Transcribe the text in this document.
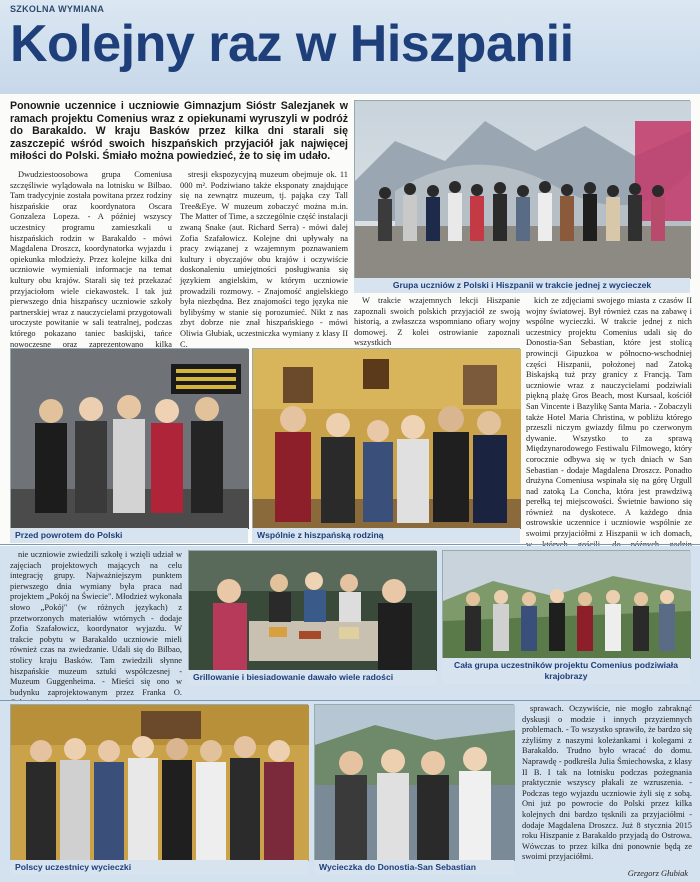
SZKOLNA WYMIANA
Kolejny raz w Hiszpanii
Ponownie uczennice i uczniowie Gimnazjum Sióstr Salezjanek w ramach projektu Comenius wraz z opiekunami wyruszyli w podróż do Barakaldo. W kraju Basków przez kilka dni starali się zaszczepić wśród swoich hiszpańskich przyjaciół jak najwięcej miłości do Polski. Śmiało można powiedzieć, że to się im udało.

Dwudziestoosobowa grupa Comeniusa szczęśliwie wylądowała na lotnisku w Bilbao. Tam tradycyjnie została powitana przez rodziny hiszpańskie oraz koordynatora Oscara Gonzaleza Lopeza. - A później wszyscy uczestnicy programu zamieszkali u hiszpańskich rodzin w Barakaldo - mówi Magdalena Droszcz, koordynatorka wyjazdu i opiekunka młodzieży. Przez kolejne kilka dni uczniowie wymieniali informacje na temat kultury obu krajów. Starali się też przekazać przyjaciołom wiele ciekawostek. I tak już pierwszego dnia hiszpańscy uczniowie szkoły partnerskiej wraz z nauczycielami przygotowali uroczyste powitanie w sali teatralnej, podczas którego pokazano taniec baskijski, tańce nowoczesne oraz zaprezentowano kilka

stresji ekspozycyjną muzeum obejmuje ok. 11 000 m². Podziwiano także eksponaty znajdujące się na zewnątrz muzeum, tj. pająka czy Tall Tree&Eye. W muzeum zobaczyć można m.in. The Matter of Time, a szczególnie część instalacji zwaną Snake (aut. Richard Serra) - mówi dalej Zofia Szafałowicz. Kolejne dni upływały na pracy związanej z wzajemnym poznawaniem kultury i obyczajów obu krajów i oczywiście doskonaleniu umiejętności posługiwania się językiem angielskim, w którym uczniowie prowadzili rozmowy. - Znajomość angielskiego była niezbędna. Bez znajomości tego języka nie bylibyśmy w stanie się porozumieć. Nikt z nas zbyt dobrze nie znał hiszpańskiego - mówi Oliwia Głubiak, uczestniczka wymiany z klasy II C.

Grupa uczniów z Polski i Hiszpanii w trakcie jednej z wycieczek

W trakcie wzajemnych lekcji Hiszpanie zapoznali swoich polskich przyjaciół ze swoją historią, a zwłaszcza wspomniano ofiary wojny domowej. Z kolei ostrowianie zapoznali wszystkich

kich ze zdjęciami swojego miasta z czasów II wojny światowej. Był również czas na zabawę i wspólne wycieczki. W trakcie jednej z nich uczestnicy projektu Comenius udali się do Donostia-San Sebastian, które jest stolicą prowincji Gipuzkoa w północno-wschodniej części Hiszpanii, położonej nad Zatoką Biskajską tuż przy granicy z Francją. Tam uczniowie wraz z nauczycielami podziwiali piękną plażę Gros Beach, most Kursaal, kościół San Vincente i Bazylikę Santa Maria. - Zobaczyli także Hotel Maria Christina, w pobliżu którego przeszli niczym gwiazdy filmu po czerwonym dywanie. Wszystko to za sprawą Międzynarodowego Festiwalu Filmowego, który corocznie odbywa się w tych dniach w San Sebastian - dodaje Magdalena Droszcz. Ponadto drużyna Comeniusa wspinała się na górę Urgull nad zatoką La Concha, która jest prawdziwą perełką tej miejscowości. Świetnie bawiono się również na dyskotece. A każdego dnia ostrowskie uczennice i uczniowie wspólnie ze swoimi przyjaciółmi z Hiszpanii w ich domach,

Przed powrotem do Polski	Wspólnie z hiszpańską rodziną

nie uczniowie zwiedzili szkołę i wzięli udział w zajęciach projektowych mających na celu integrację grupy. Najważniejszym punktem pierwszego dnia wymiany była praca nad projektem „Pokój na Świecie". Młodzież wykonała słowo „Pokój" (w różnych językach) z przetworzonych materiałów wtórnych - dodaje Zofia Szafałowicz, koordynator wyjazdu. W trakcie pobytu w Barakaldo uczniowie mieli również czas na zwiedzanie. Udali się do Bilbao, stolicy kraju Basków. Tam zwiedzili słynne hiszpańskie muzeum sztuki współczesnej - Muzeum Guggenheima. - Mieści się ono w budynku zaprojektowanym przez Franka O.

Grillowanie i biesiadowanie dawało wiele radości
Cała grupa uczestników projektu Comenius podziwiała krajobrazy
Polscy uczestnicy wycieczki	Wycieczka do Donostia-San Sebastian

sprawach. Oczywiście, nie mogło zabraknąć dyskusji o modzie i innych przyziemnych problemach. - To wszystko sprawiło, że bardzo się zżyliśmy z naszymi koleżankami i kolegami z Barakaldo. Trudno było wracać do domu. Naprawdę - podkreśla Julia Śmiechowska, z klasy II B. I tak na lotnisku podczas pożegnania praktycznie wszyscy płakali ze wzruszenia. - Podczas tego wyjazdu uczniowie żyli się z sobą. Oni już po powrocie do Polski przez kilka kolejnych dni bardzo tęsknili za przyjaciółmi - dodaje Magdalena Droszcz. Już 8 stycznia 2015 roku Hiszpanie z Barakaldo przyjadą do Ostrowa. Wówczas to przez kilka dni ponownie będą ze swoimi przyjaciółmi.

Grzegorz Głubiak
